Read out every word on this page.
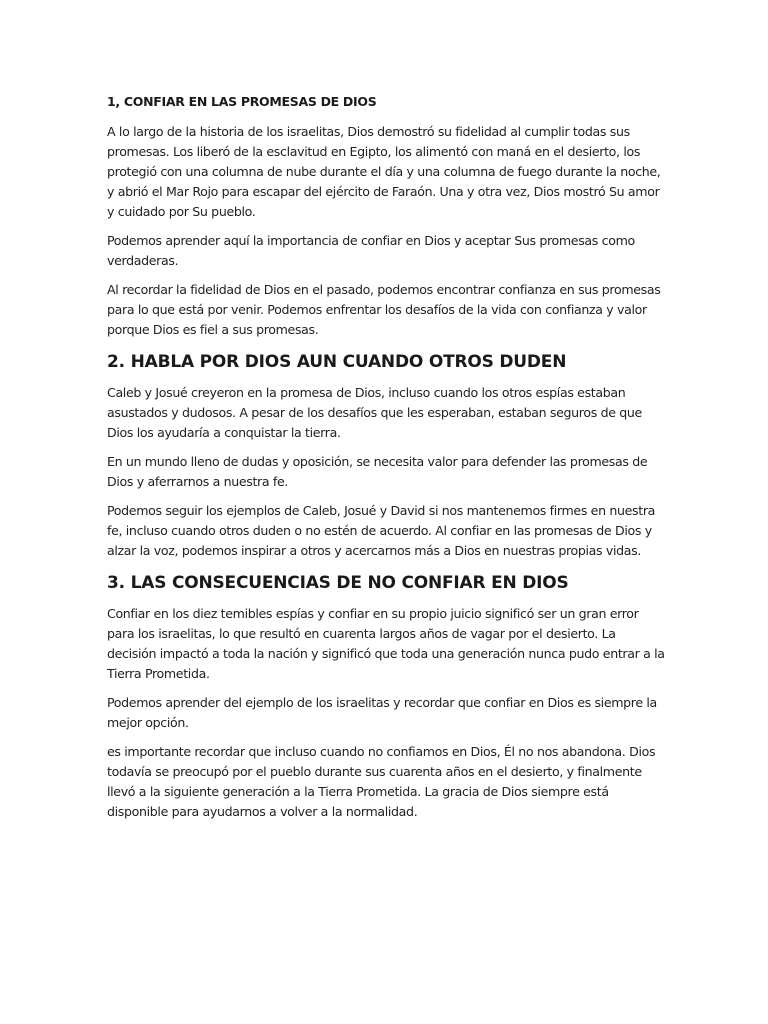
1, CONFIAR EN LAS PROMESAS DE DIOS

A lo largo de la historia de los israelitas, Dios demostró su fidelidad al cumplir todas sus promesas. Los liberó de la esclavitud en Egipto, los alimentó con maná en el desierto, los protegió con una columna de nube durante el día y una columna de fuego durante la noche, y abrió el Mar Rojo para escapar del ejército de Faraón. Una y otra vez, Dios mostró Su amor y cuidado por Su pueblo.

Podemos aprender aquí la importancia de confiar en Dios y aceptar Sus promesas como verdaderas.

Al recordar la fidelidad de Dios en el pasado, podemos encontrar confianza en sus promesas para lo que está por venir. Podemos enfrentar los desafíos de la vida con confianza y valor porque Dios es fiel a sus promesas.

2. HABLA POR DIOS AUN CUANDO OTROS DUDEN

Caleb y Josué creyeron en la promesa de Dios, incluso cuando los otros espías estaban asustados y dudosos. A pesar de los desafíos que les esperaban, estaban seguros de que Dios los ayudaría a conquistar la tierra.

En un mundo lleno de dudas y oposición, se necesita valor para defender las promesas de Dios y aferrarnos a nuestra fe.

Podemos seguir los ejemplos de Caleb, Josué y David si nos mantenemos firmes en nuestra fe, incluso cuando otros duden o no estén de acuerdo. Al confiar en las promesas de Dios y alzar la voz, podemos inspirar a otros y acercarnos más a Dios en nuestras propias vidas.

3. LAS CONSECUENCIAS DE NO CONFIAR EN DIOS

Confiar en los diez temibles espías y confiar en su propio juicio significó ser un gran error para los israelitas, lo que resultó en cuarenta largos años de vagar por el desierto. La decisión impactó a toda la nación y significó que toda una generación nunca pudo entrar a la Tierra Prometida.

Podemos aprender del ejemplo de los israelitas y recordar que confiar en Dios es siempre la mejor opción.

es importante recordar que incluso cuando no confiamos en Dios, Él no nos abandona. Dios todavía se preocupó por el pueblo durante sus cuarenta años en el desierto, y finalmente llevó a la siguiente generación a la Tierra Prometida. La gracia de Dios siempre está disponible para ayudarnos a volver a la normalidad.
